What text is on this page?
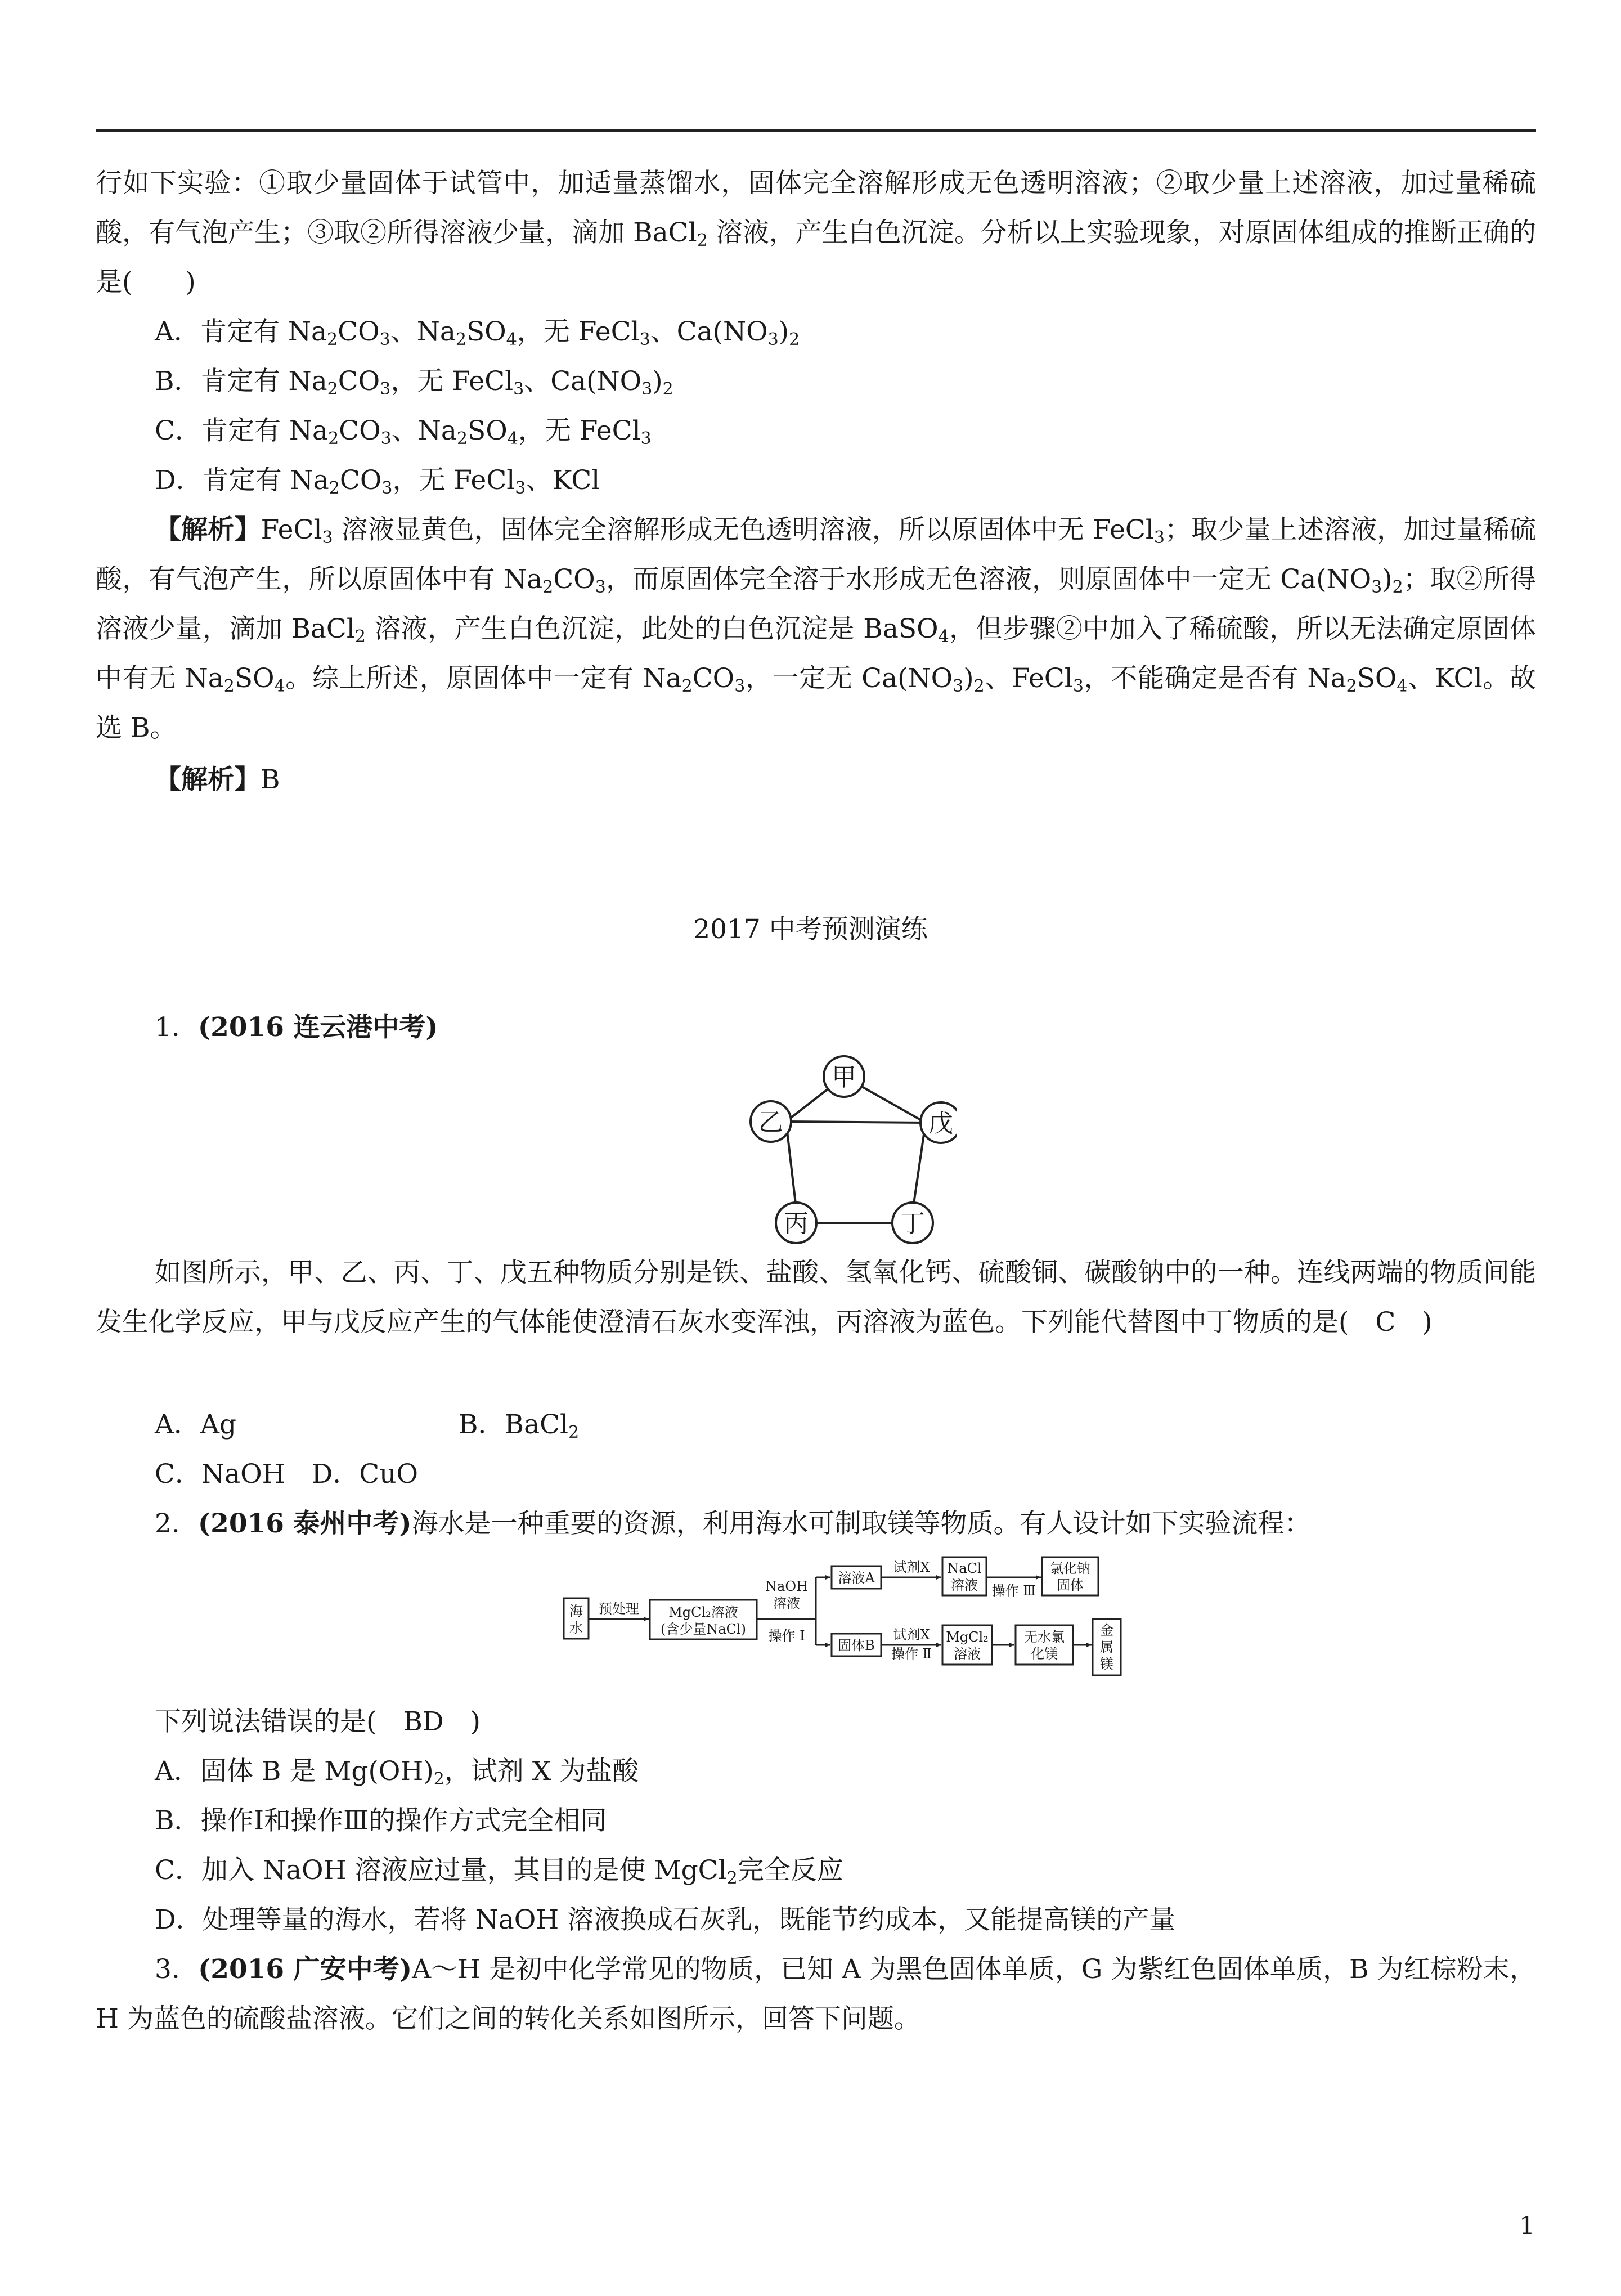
行如下实验：①取少量固体于试管中，加适量蒸馏水，固体完全溶解形成无色透明溶液；②取少量上述溶液，加过量稀硫酸，有气泡产生；③取②所得溶液少量，滴加 BaCl$_2$ 溶液，产生白色沉淀。分析以上实验现象，对原固体组成的推断正确的是(　　)
A．肯定有 $Na_2CO_3$、$Na_2SO_4$，无 FeCl$_3$、$Ca(NO_3)_2$
B．肯定有 $Na_2CO_3$，无 FeCl$_3$、$Ca(NO_3)_2$
C．肯定有 $Na_2CO_3$、$Na_2SO_4$，无 FeCl$_3$
D．肯定有 $Na_2CO_3$，无 FeCl$_3$、KCl
【解析】FeCl$_3$ 溶液显黄色，固体完全溶解形成无色透明溶液，所以原固体中无 FeCl$_3$；取少量上述溶液，加过量稀硫酸，有气泡产生，所以原固体中有 $Na_2CO_3$，而原固体完全溶于水形成无色溶液，则原固体中一定无 $Ca(NO_3)_2$；取②所得溶液少量，滴加 BaCl$_2$ 溶液，产生白色沉淀，此处的白色沉淀是 BaSO$_4$，但步骤②中加入了稀硫酸，所以无法确定原固体中有无 $Na_2SO_4$。综上所述，原固体中一定有 $Na_2CO_3$，一定无 $Ca(NO_3)_2$、FeCl$_3$，不能确定是否有 $Na_2SO_4$、KCl。故选 B。
【解析】B
2017 中考预测演练
1．(2016 连云港中考)
甲
乙	戊
丙	丁
如图所示，甲、乙、丙、丁、戊五种物质分别是铁、盐酸、氢氧化钙、硫酸铜、碳酸钠中的一种。连线两端的物质间能发生化学反应，甲与戊反应产生的气体能使澄清石灰水变浑浊，丙溶液为蓝色。下列能代替图中丁物质的是(　C　)
A．Ag	B．BaCl$_2$
C．NaOH　D．CuO
2．(2016 泰州中考)海水是一种重要的资源，利用海水可制取镁等物质。有人设计如下实验流程：
海
水
预处理 MgCl₂溶液
(含少量NaCl)
NaOH
溶液
操作 Ⅰ
溶液A
试剂X NaCl
溶液 操作 Ⅲ
氯化钠
固体
固体B
试剂X
操作 Ⅱ
MgCl₂
溶液
无水氯
化镁
金
属
镁
下列说法错误的是(　BD　)
A．固体 B 是 $Mg(OH)_2$，试剂 X 为盐酸
B．操作Ⅰ和操作Ⅲ的操作方式完全相同
C．加入 NaOH 溶液应过量，其目的是使 MgCl$_2$完全反应
D．处理等量的海水，若将 NaOH 溶液换成石灰乳，既能节约成本，又能提高镁的产量
3．(2016 广安中考)A～H 是初中化学常见的物质，已知 A 为黑色固体单质，G 为紫红色固体单质，B 为红棕粉末，H 为蓝色的硫酸盐溶液。它们之间的转化关系如图所示，回答下问题。
1
